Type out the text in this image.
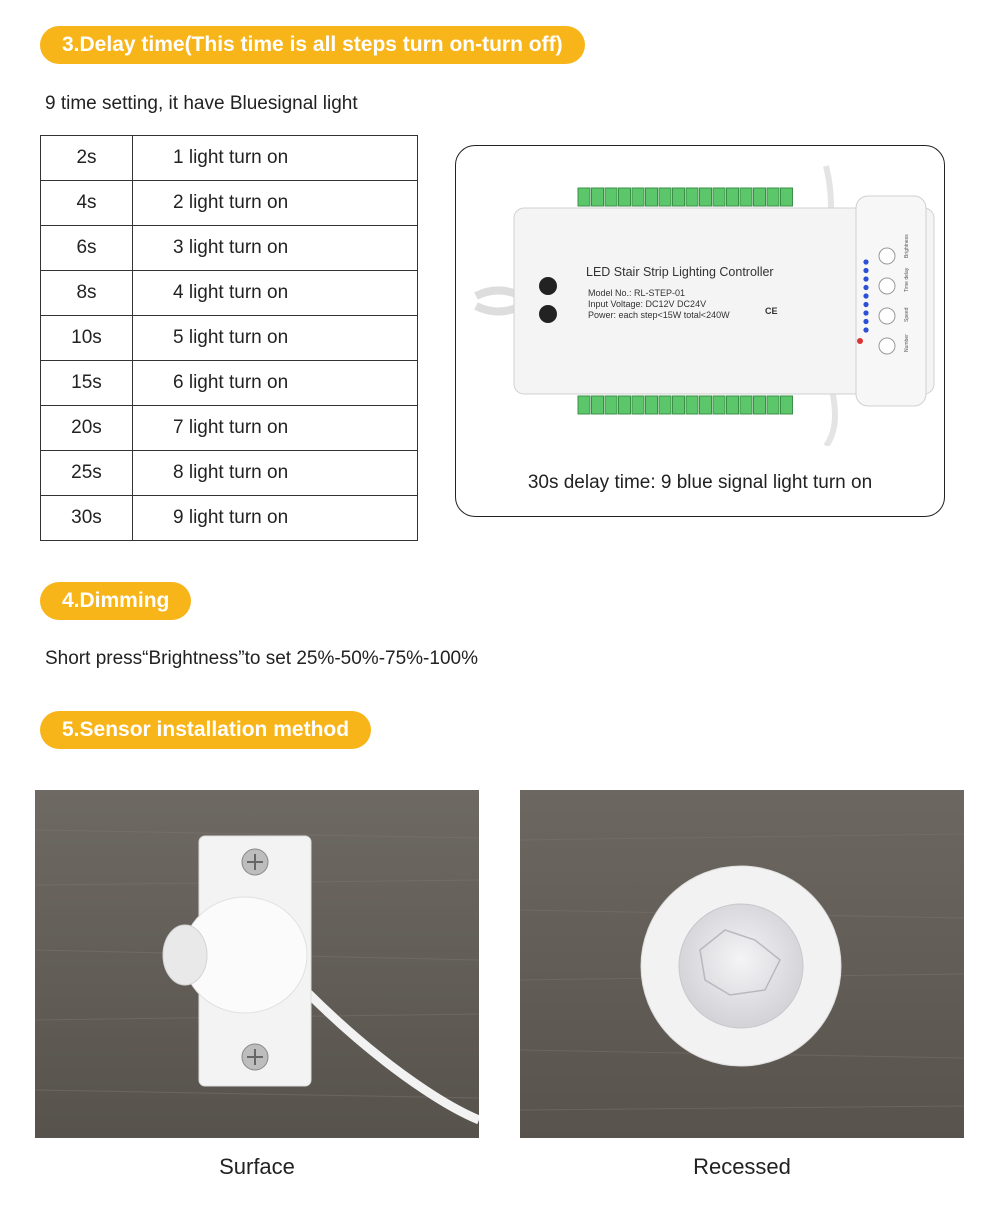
3.Delay time(This time is all steps turn on-turn off)
9 time setting, it have Bluesignal light
2s	1 light turn on
4s	2 light turn on
6s	3 light turn on
8s	4 light turn on
10s	5 light turn on
15s	6 light turn on
20s	7 light turn on
25s	8 light turn on
30s	9 light turn on
LED Stair Strip Lighting Controller
Model No.: RL-STEP-01
Input Voltage: DC12V DC24V
Power: each step<15W total<240W	CE
Brightness
Time delay
Speed
Number
30s delay time: 9 blue signal light turn on
4.Dimming
Short press“Brightness”to set 25%-50%-75%-100%
5.Sensor installation method
Surface	Recessed
